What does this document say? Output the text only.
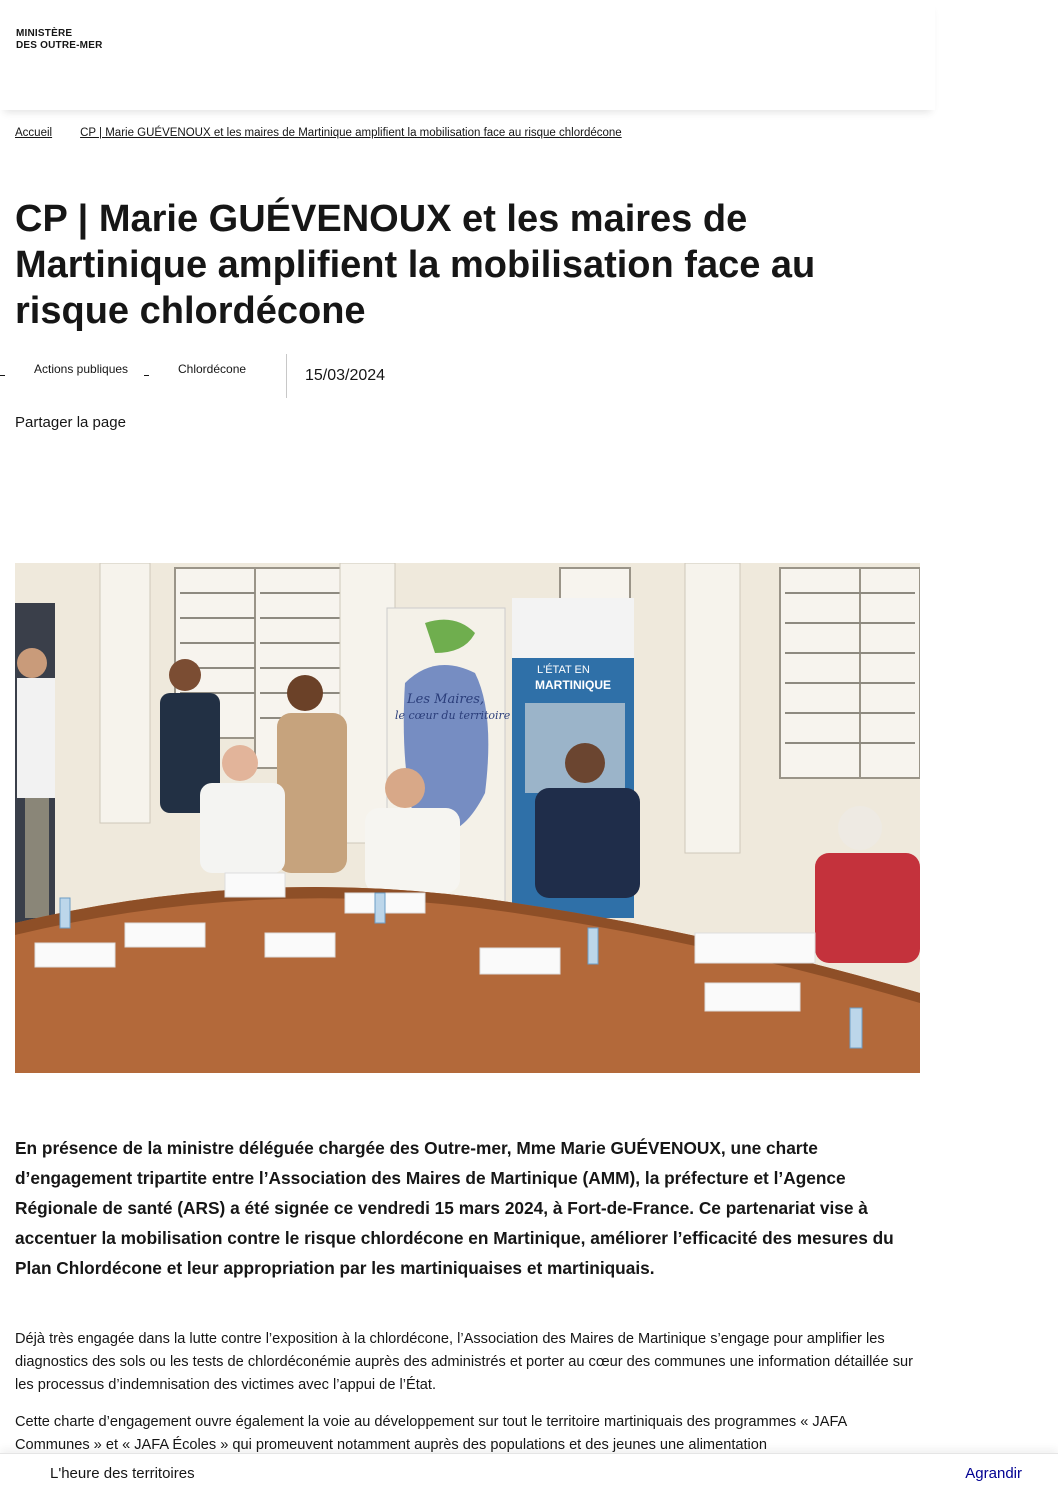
MINISTÈRE
DES OUTRE-MER
Accueil CP | Marie GUÉVENOUX et les maires de Martinique amplifient la mobilisation face au risque chlordécone
CP | Marie GUÉVENOUX et les maires de Martinique amplifient la mobilisation face au risque chlordécone
Actions publiques	Chlordécone	15/03/2024
Partager la page
Les Maires,
le cœur du territoire
L'ÉTAT EN
MARTINIQUE

En présence de la ministre déléguée chargée des Outre-mer, Mme Marie GUÉVENOUX, une charte d’engagement tripartite entre l’Association des Maires de Martinique (AMM), la préfecture et l’Agence Régionale de santé (ARS) a été signée ce vendredi 15 mars 2024, à Fort-de-France. Ce partenariat vise à accentuer la mobilisation contre le risque chlordécone en Martinique, améliorer l’efficacité des mesures du Plan Chlordécone et leur appropriation par les martiniquaises et martiniquais.

Déjà très engagée dans la lutte contre l’exposition à la chlordécone, l’Association des Maires de Martinique s’engage pour amplifier les diagnostics des sols ou les tests de chlordéconémie auprès des administrés et porter au cœur des communes une information détaillée sur les processus d’indemnisation des victimes avec l’appui de l’État.

Cette charte d’engagement ouvre également la voie au développement sur tout le territoire martiniquais des programmes « JAFA Communes » et « JAFA Écoles » qui promeuvent notamment auprès des populations et des jeunes une alimentation

L'heure des territoires	Agrandir
